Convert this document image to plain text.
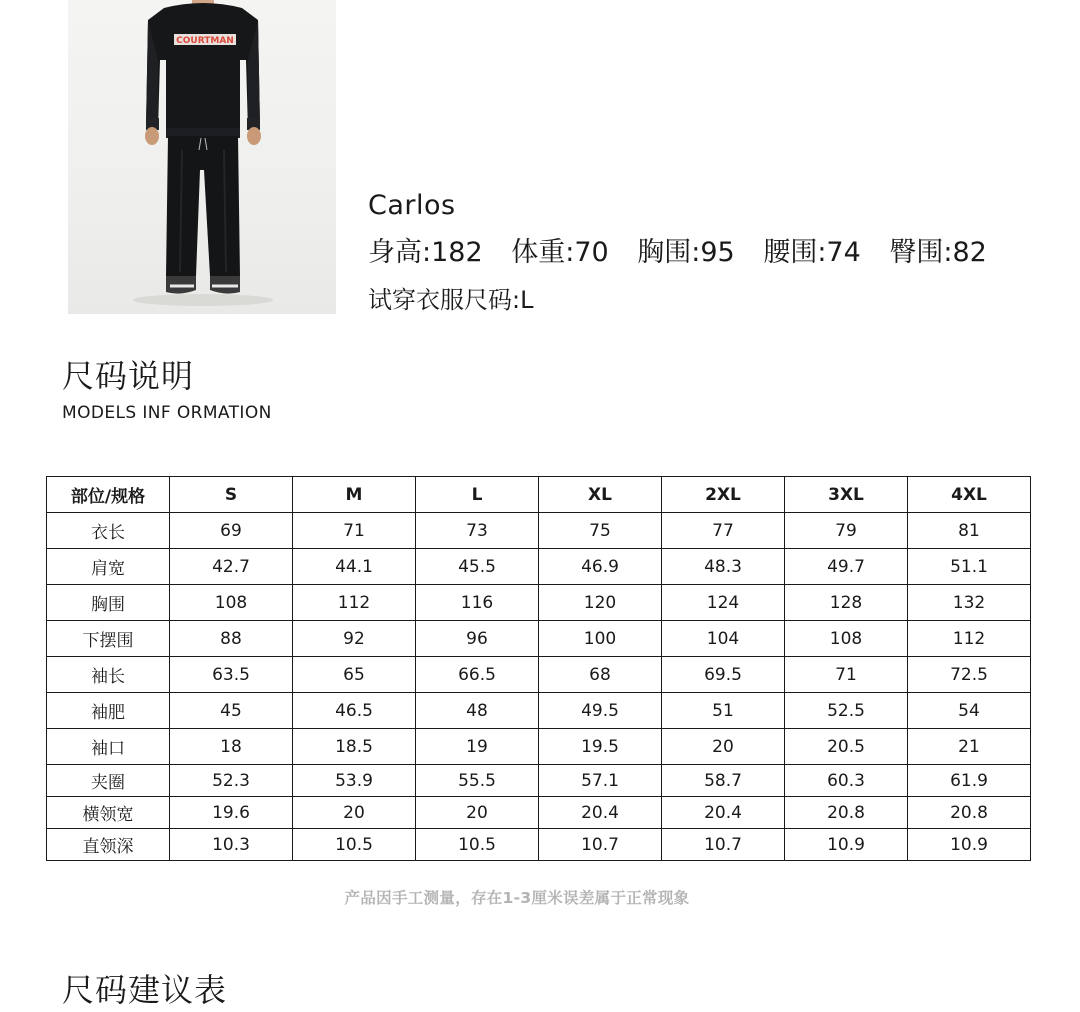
COURTMAN
Carlos
身高:182 体重:70 胸围:95 腰围:74 臀围:82
试穿衣服尺码:L
尺码说明
MODELS INF ORMATION
部位/规格	S	M	L	XL	2XL	3XL	4XL
衣长	69	71	73	75	77	79	81
肩宽	42.7	44.1	45.5	46.9	48.3	49.7	51.1
胸围	108	112	116	120	124	128	132
下摆围	88	92	96	100	104	108	112
袖长	63.5	65	66.5	68	69.5	71	72.5
袖肥	45	46.5	48	49.5	51	52.5	54
袖口	18	18.5	19	19.5	20	20.5	21
夹圈	52.3	53.9	55.5	57.1	58.7	60.3	61.9
横领宽	19.6	20	20	20.4	20.4	20.8	20.8
直领深	10.3	10.5	10.5	10.7	10.7	10.9	10.9
产品因手工测量，存在1-3厘米误差属于正常现象
尺码建议表
